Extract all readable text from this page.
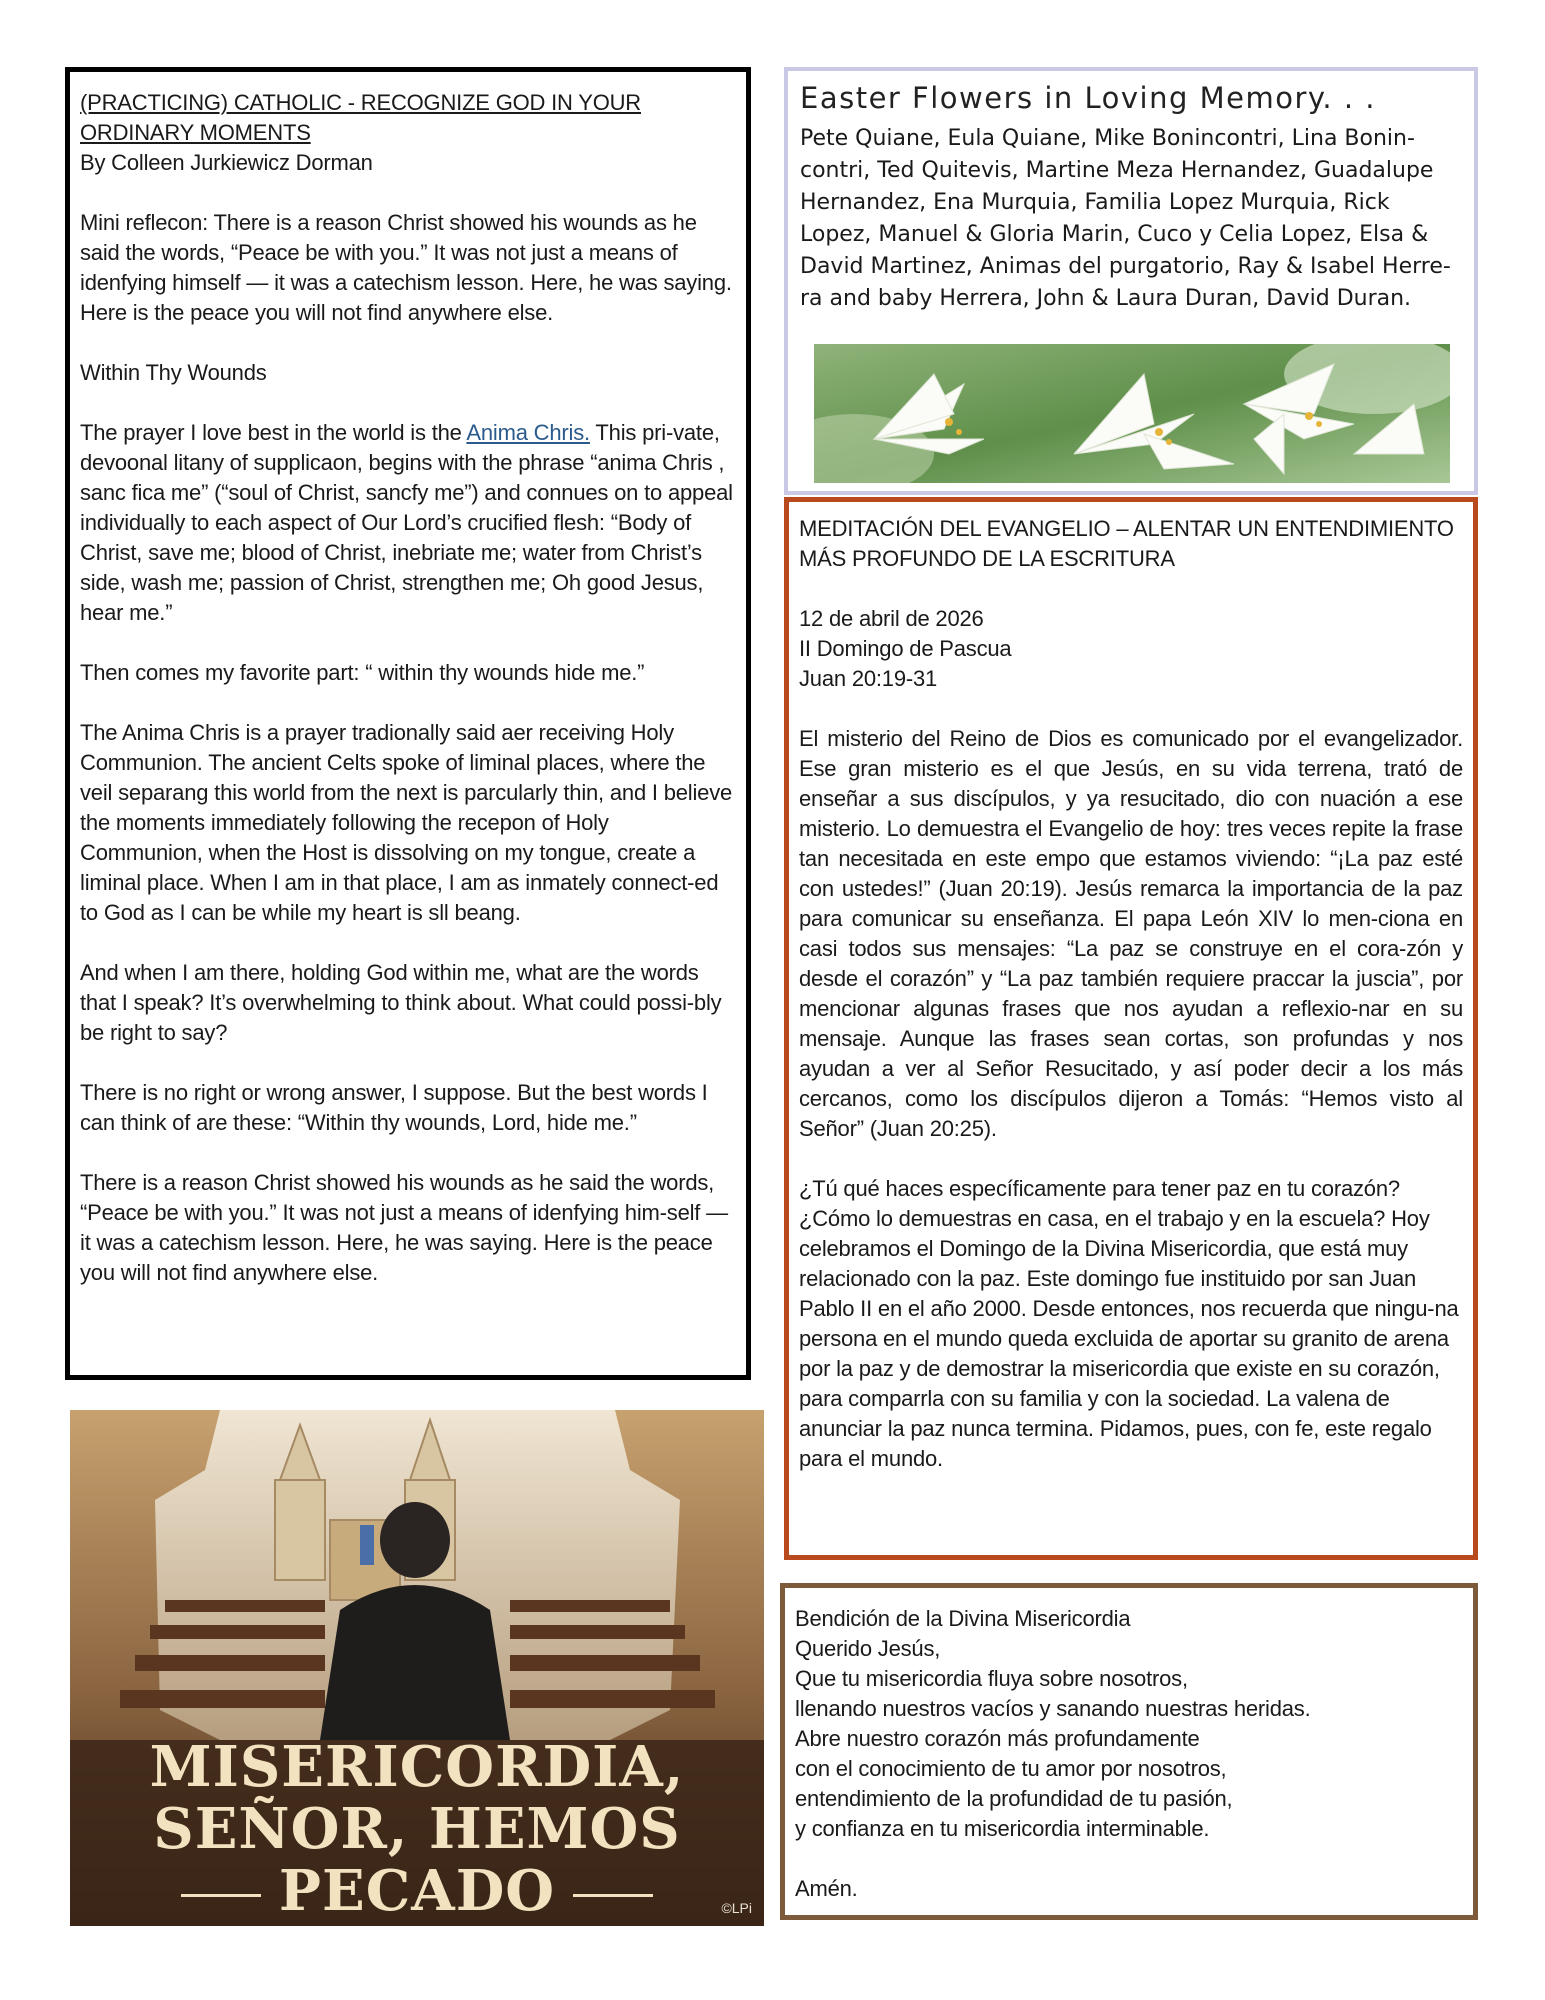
(PRACTICING) CATHOLIC - RECOGNIZE GOD IN YOUR ORDINARY MOMENTS

By Colleen Jurkiewicz Dorman

Mini reflecon: There is a reason Christ showed his wounds as he said the words, “Peace be with you.” It was not just a means of idenfying himself — it was a catechism lesson. Here, he was saying. Here is the peace you will not find anywhere else.

Within Thy Wounds

The prayer I love best in the world is the Anima Chris. This pri-vate, devoonal litany of supplicaon, begins with the phrase “anima Chris , sanc fica me” (“soul of Christ, sancfy me”) and connues on to appeal individually to each aspect of Our Lord’s crucified flesh: “Body of Christ, save me; blood of Christ, inebriate me; water from Christ’s side, wash me; passion of Christ, strengthen me; Oh good Jesus, hear me.”

Then comes my favorite part: “ within thy wounds hide me.”

The Anima Chris is a prayer tradionally said aer receiving Holy Communion. The ancient Celts spoke of liminal places, where the veil separang this world from the next is parcularly thin, and I believe the moments immediately following the recepon of Holy Communion, when the Host is dissolving on my tongue, create a liminal place. When I am in that place, I am as inmately connect-ed to God as I can be while my heart is sll beang.

And when I am there, holding God within me, what are the words that I speak? It’s overwhelming to think about. What could possi-bly be right to say?

There is no right or wrong answer, I suppose. But the best words I can think of are these: “Within thy wounds, Lord, hide me.”

There is a reason Christ showed his wounds as he said the words, “Peace be with you.” It was not just a means of idenfying him-self — it was a catechism lesson. Here, he was saying. Here is the peace you will not find anywhere else.

Easter Flowers in Loving Memory. . .

Pete Quiane, Eula Quiane, Mike Bonincontri, Lina Bonin-contri, Ted Quitevis, Martine Meza Hernandez, Guadalupe Hernandez, Ena Murquia, Familia Lopez Murquia, Rick Lopez, Manuel & Gloria Marin, Cuco y Celia Lopez, Elsa & David Martinez, Animas del purgatorio, Ray & Isabel Herre-ra and baby Herrera, John & Laura Duran, David Duran.

MEDITACIÓN DEL EVANGELIO – ALENTAR UN ENTENDIMIENTO MÁS PROFUNDO DE LA ESCRITURA

12 de abril de 2026

II Domingo de Pascua

Juan 20:19-31

El misterio del Reino de Dios es comunicado por el evangelizador. Ese gran misterio es el que Jesús, en su vida terrena, trató de enseñar a sus discípulos, y ya resucitado, dio con nuación a ese misterio. Lo demuestra el Evangelio de hoy: tres veces repite la frase tan necesitada en este empo que estamos viviendo: “¡La paz esté con ustedes!” (Juan 20:19). Jesús remarca la importancia de la paz para comunicar su enseñanza. El papa León XIV lo men-ciona en casi todos sus mensajes: “La paz se construye en el cora-zón y desde el corazón” y “La paz también requiere praccar la juscia”, por mencionar algunas frases que nos ayudan a reflexio-nar en su mensaje. Aunque las frases sean cortas, son profundas y nos ayudan a ver al Señor Resucitado, y así poder decir a los más cercanos, como los discípulos dijeron a Tomás: “Hemos visto al Señor” (Juan 20:25).

¿Tú qué haces específicamente para tener paz en tu corazón? ¿Cómo lo demuestras en casa, en el trabajo y en la escuela? Hoy celebramos el Domingo de la Divina Misericordia, que está muy relacionado con la paz. Este domingo fue instituido por san Juan Pablo II en el año 2000. Desde entonces, nos recuerda que ningu-na persona en el mundo queda excluida de aportar su granito de arena por la paz y de demostrar la misericordia que existe en su corazón, para comparrla con su familia y con la sociedad. La valena de anunciar la paz nunca termina. Pidamos, pues, con fe, este regalo para el mundo.

MISERICORDIA,
SEÑOR, HEMOS
PECADO	©LPi

Bendición de la Divina Misericordia

Querido Jesús,

Que tu misericordia fluya sobre nosotros,

llenando nuestros vacíos y sanando nuestras heridas.

Abre nuestro corazón más profundamente

con el conocimiento de tu amor por nosotros,

entendimiento de la profundidad de tu pasión,

y confianza en tu misericordia interminable.

Amén.
